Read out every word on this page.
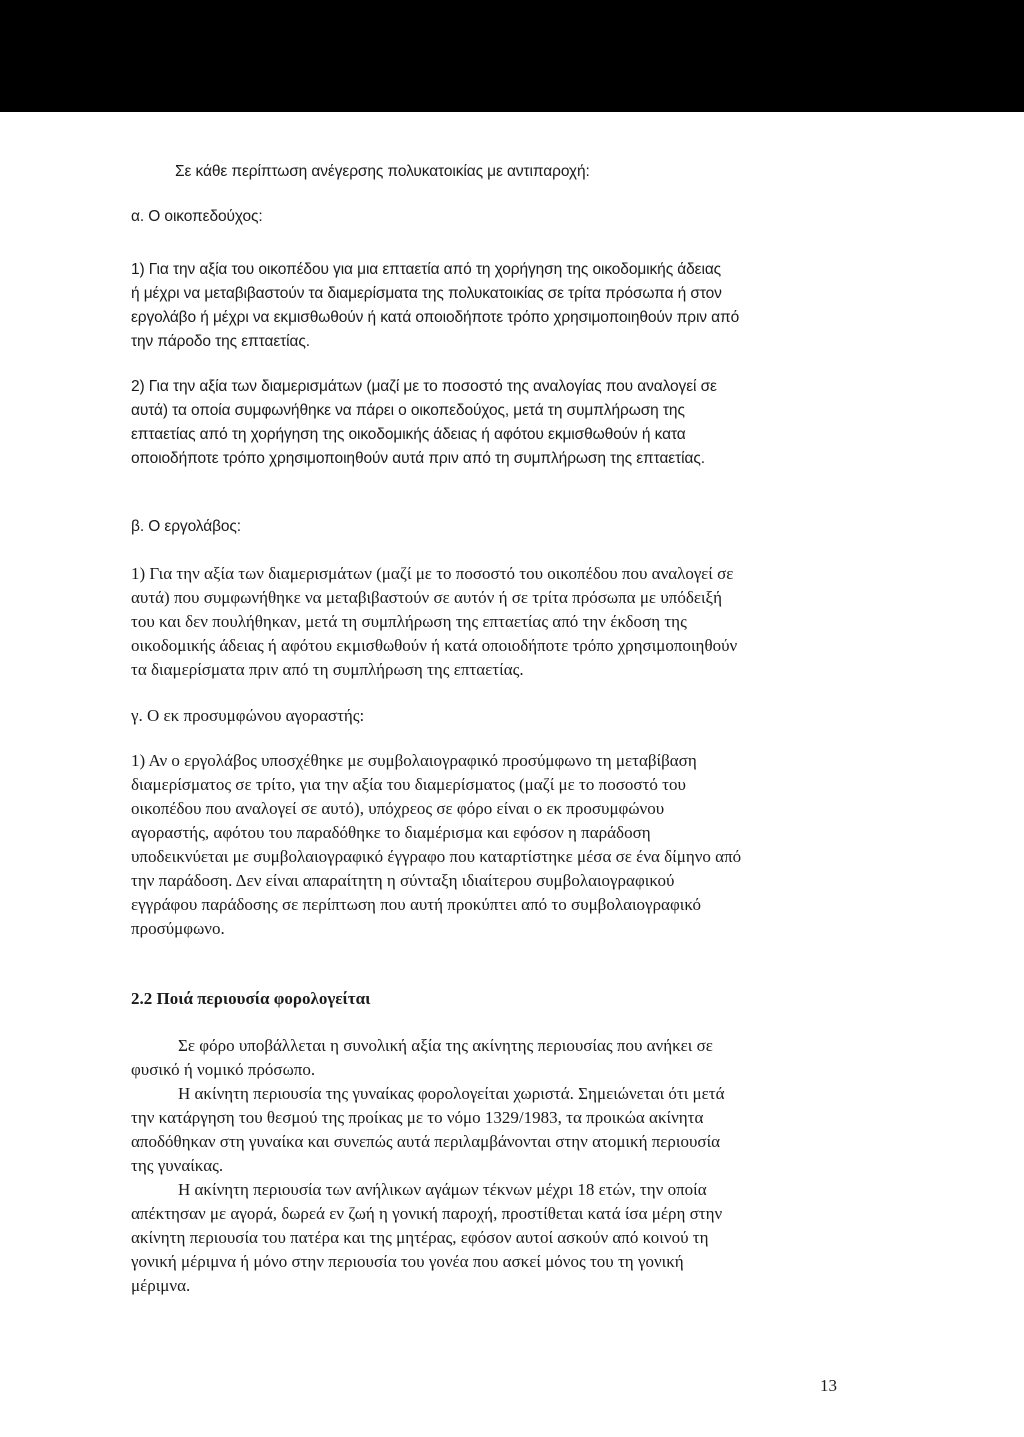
Σε κάθε περίπτωση ανέγερσης πολυκατοικίας με αντιπαροχή:
α. Ο οικοπεδούχος:
1) Για την αξία του οικοπέδου για μια επταετία από τη χορήγηση της οικοδομικής άδειας
ή μέχρι να μεταβιβαστούν τα διαμερίσματα της πολυκατοικίας σε τρίτα πρόσωπα ή στον
εργολάβο ή μέχρι να εκμισθωθούν ή κατά οποιοδήποτε τρόπο χρησιμοποιηθούν πριν από
την πάροδο της επταετίας.
2) Για την αξία των διαμερισμάτων (μαζί με το ποσοστό της αναλογίας που αναλογεί σε
αυτά) τα οποία συμφωνήθηκε να πάρει ο οικοπεδούχος, μετά τη συμπλήρωση της
επταετίας από τη χορήγηση της οικοδομικής άδειας ή αφότου εκμισθωθούν ή κατα
οποιοδήποτε τρόπο χρησιμοποιηθούν αυτά πριν από τη συμπλήρωση της επταετίας.
β. Ο εργολάβος:
1) Για την αξία των διαμερισμάτων (μαζί με το ποσοστό του οικοπέδου που αναλογεί σε
αυτά) που συμφωνήθηκε να μεταβιβαστούν σε αυτόν ή σε τρίτα πρόσωπα με υπόδειξή
του και δεν πουλήθηκαν, μετά τη συμπλήρωση της επταετίας από την έκδοση της
οικοδομικής άδειας ή αφότου εκμισθωθούν ή κατά οποιοδήποτε τρόπο χρησιμοποιηθούν
τα διαμερίσματα πριν από τη συμπλήρωση της επταετίας.
γ. Ο εκ προσυμφώνου αγοραστής:
1) Αν ο εργολάβος υποσχέθηκε με συμβολαιογραφικό προσύμφωνο τη μεταβίβαση
διαμερίσματος σε τρίτο, για την αξία του διαμερίσματος (μαζί με το ποσοστό του
οικοπέδου που αναλογεί σε αυτό), υπόχρεος σε φόρο είναι ο εκ προσυμφώνου
αγοραστής, αφότου του παραδόθηκε το διαμέρισμα και εφόσον η παράδοση
υποδεικνύεται με συμβολαιογραφικό έγγραφο που καταρτίστηκε μέσα σε ένα δίμηνο από
την παράδοση. Δεν είναι απαραίτητη η σύνταξη ιδιαίτερου συμβολαιογραφικού
εγγράφου παράδοσης σε περίπτωση που αυτή προκύπτει από το συμβολαιογραφικό
προσύμφωνο.
2.2 Ποιά περιουσία φορολογείται
Σε φόρο υποβάλλεται η συνολική αξία της ακίνητης περιουσίας που ανήκει σε
φυσικό ή νομικό πρόσωπο.
Η ακίνητη περιουσία της γυναίκας φορολογείται χωριστά. Σημειώνεται ότι μετά
την κατάργηση του θεσμού της προίκας με το νόμο 1329/1983, τα προικώα ακίνητα
αποδόθηκαν στη γυναίκα και συνεπώς αυτά περιλαμβάνονται στην ατομική περιουσία
της γυναίκας.
Η ακίνητη περιουσία των ανήλικων αγάμων τέκνων μέχρι 18 ετών, την οποία
απέκτησαν με αγορά, δωρεά εν ζωή η γονική παροχή, προστίθεται κατά ίσα μέρη στην
ακίνητη περιουσία του πατέρα και της μητέρας, εφόσον αυτοί ασκούν από κοινού τη
γονική μέριμνα ή μόνο στην περιουσία του γονέα που ασκεί μόνος του τη γονική
μέριμνα.
13
